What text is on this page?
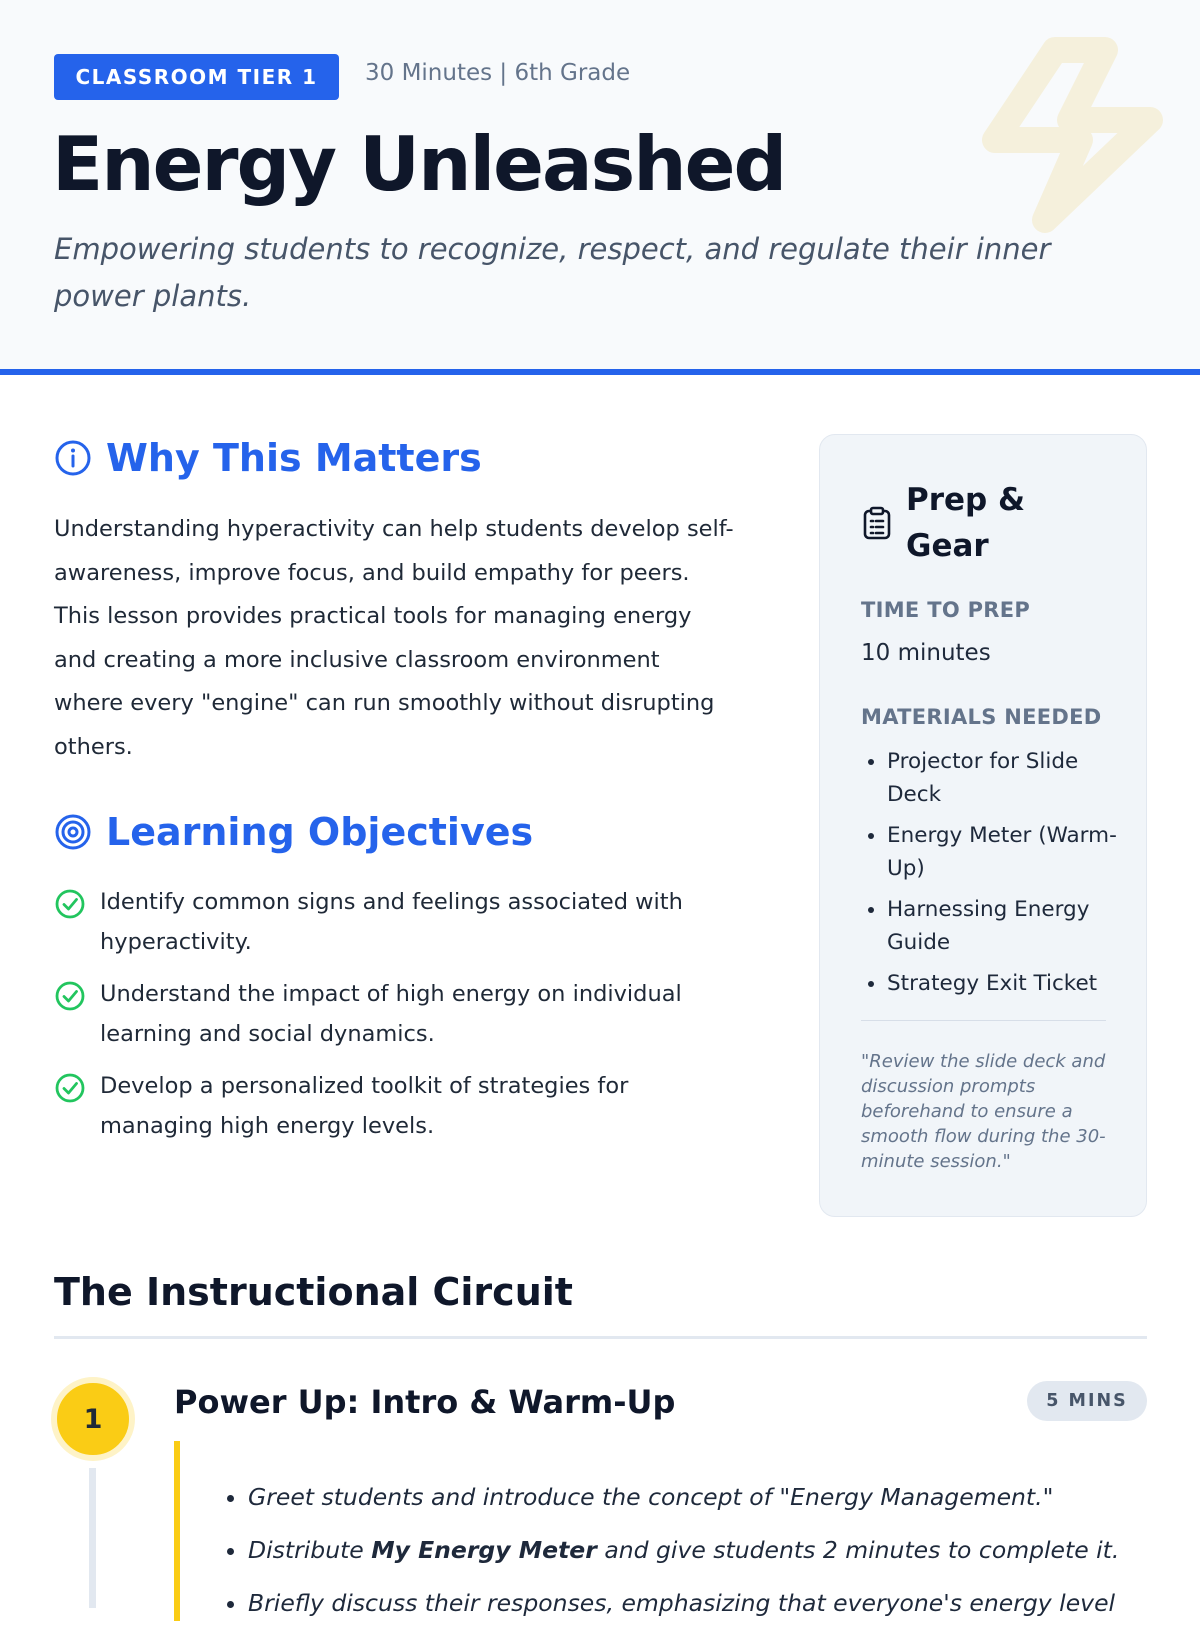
CLASSROOM TIER 1	30 Minutes | 6th Grade
Energy Unleashed

Empowering students to recognize, respect, and regulate their inner power plants.

Why This Matters

Understanding hyperactivity can help students develop self-awareness, improve focus, and build empathy for peers. This lesson provides practical tools for managing energy and creating a more inclusive classroom environment where every "engine" can run smoothly without disrupting others.

Learning Objectives
Identify common signs and feelings associated with hyperactivity.
Understand the impact of high energy on individual learning and social dynamics.
Develop a personalized toolkit of strategies for managing high energy levels.
Prep & Gear
TIME TO PREP
10 minutes
MATERIALS NEEDED
• Projector for Slide Deck
• Energy Meter (Warm-Up)
• Harnessing Energy Guide
• Strategy Exit Ticket

"Review the slide deck and discussion prompts beforehand to ensure a smooth flow during the 30-minute session."

The Instructional Circuit
1	Power Up: Intro & Warm-Up	5 MINS
• Greet students and introduce the concept of "Energy Management."
• Distribute My Energy Meter and give students 2 minutes to complete it.
• Briefly discuss their responses, emphasizing that everyone's energy level
